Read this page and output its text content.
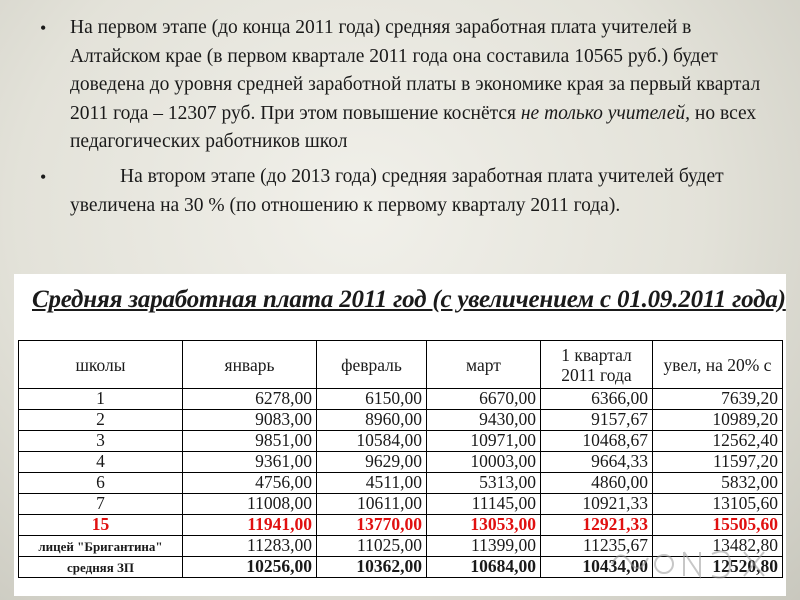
• На первом этапе (до конца 2011 года) средняя заработная плата учителей в Алтайском крае (в первом квартале 2011 года она составила 10565 руб.) будет доведена до уровня средней заработной платы в экономике края за первый квартал 2011 года – 12307 руб. При этом повышение коснётся не только учителей, но всех педагогических работников школ
•	На втором этапе (до 2013 года) средняя заработная плата учителей будет увеличена на 30 % (по отношению к первому кварталу 2011 года).
Средняя заработная плата 2011 год (с увеличением с 01.09.2011 года)
школы	январь	февраль	март	1 квартал 2011 года	увел, на 20% с
1	6278,00	6150,00	6670,00	6366,00	7639,20
2	9083,00	8960,00	9430,00	9157,67	10989,20
3	9851,00	10584,00	10971,00	10468,67	12562,40
4	9361,00	9629,00	10003,00	9664,33	11597,20
6	4756,00	4511,00	5313,00	4860,00	5832,00
7	11008,00	10611,00	11145,00	10921,33	13105,60
15	11941,00	13770,00	13053,00	12921,33	15505,60
лицей "Бригантина"	11283,00	11025,00	11399,00	11235,67	13482,80
средняя ЗП	10256,00	10362,00	10684,00	10434,00	12520,80
